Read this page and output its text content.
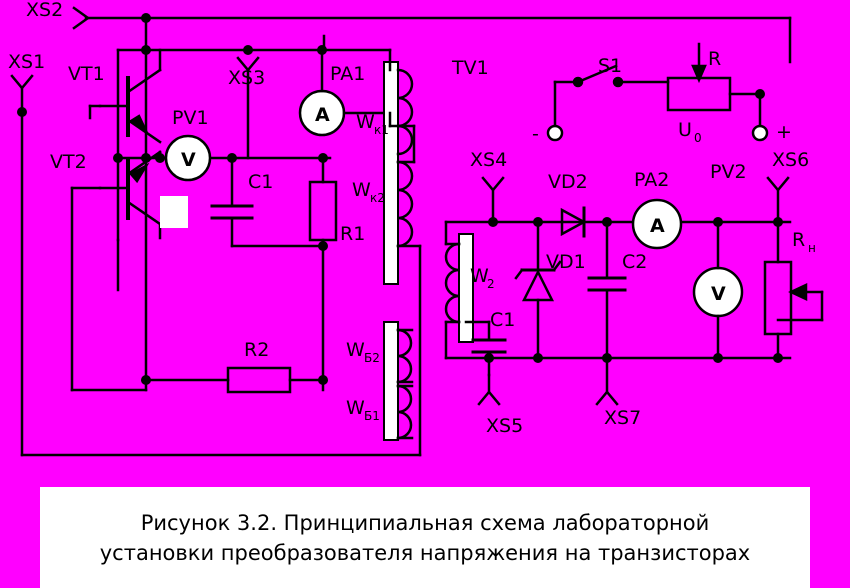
XS2
XS1
VT1
VT2
PV1
XS3	PA1
C1
R1
R2
W к1
W к2
W Б2
W Б1
TV1	S1	R
-	+
U 0
XS4
VD2 PA2 PV2
XS6
R н
W
2
VD1 C2
C1
XS5	XS7
A
V
A
V
Рисунок 3.2. Принципиальная схема лабораторной
установки преобразователя напряжения на транзисторах
